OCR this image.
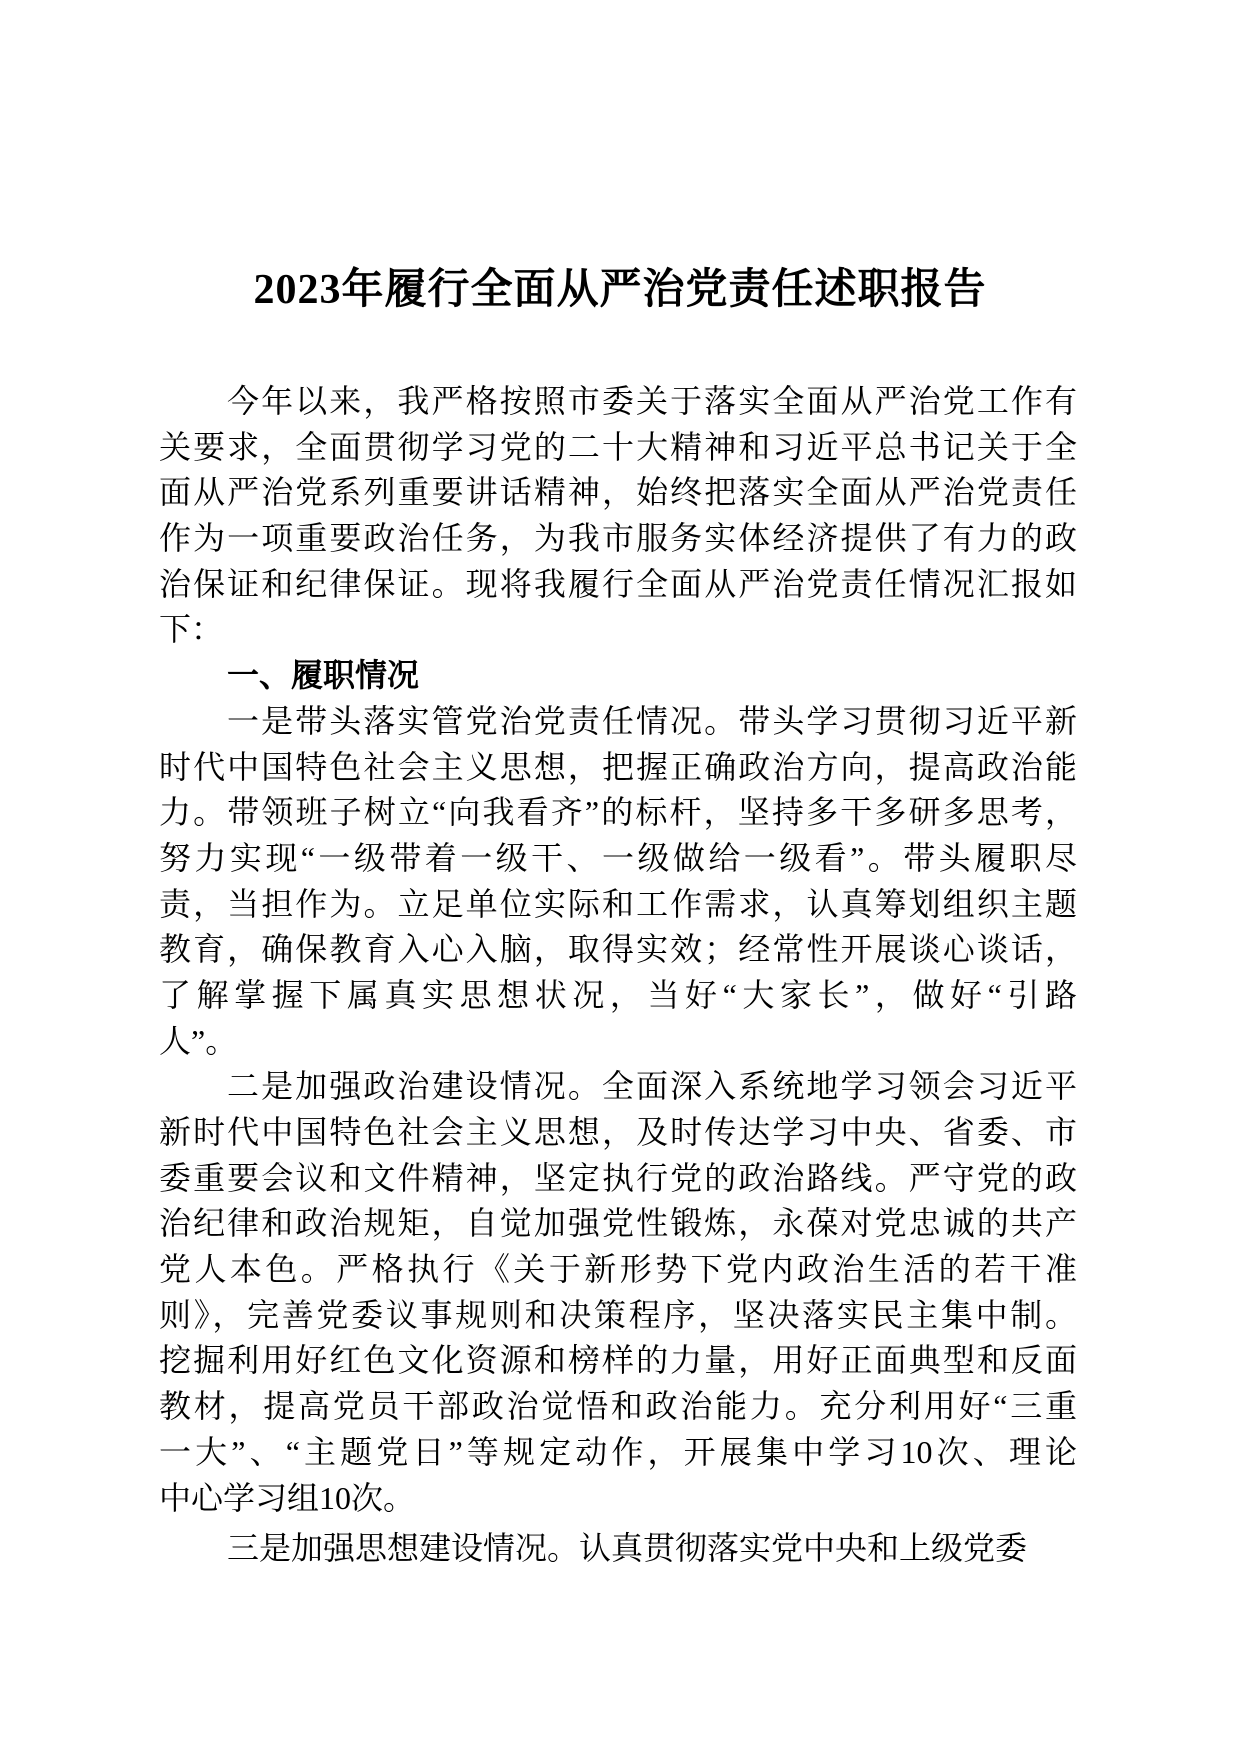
2023年履行全面从严治党责任述职报告
今年以来，我严格按照市委关于落实全面从严治党工作有
关要求，全面贯彻学习党的二十大精神和习近平总书记关于全
面从严治党系列重要讲话精神，始终把落实全面从严治党责任
作为一项重要政治任务，为我市服务实体经济提供了有力的政
治保证和纪律保证。现将我履行全面从严治党责任情况汇报如
下：
一、履职情况
一是带头落实管党治党责任情况。带头学习贯彻习近平新
时代中国特色社会主义思想，把握正确政治方向，提高政治能
力。带领班子树立“向我看齐”的标杆，坚持多干多研多思考，
努力实现“一级带着一级干、一级做给一级看”。带头履职尽
责，当担作为。立足单位实际和工作需求，认真筹划组织主题
教育，确保教育入心入脑，取得实效；经常性开展谈心谈话，
了解掌握下属真实思想状况，当好“大家长”，做好“引路
人”。
二是加强政治建设情况。全面深入系统地学习领会习近平
新时代中国特色社会主义思想，及时传达学习中央、省委、市
委重要会议和文件精神，坚定执行党的政治路线。严守党的政
治纪律和政治规矩，自觉加强党性锻炼，永葆对党忠诚的共产
党人本色。严格执行《关于新形势下党内政治生活的若干准
则》，完善党委议事规则和决策程序，坚决落实民主集中制。
挖掘利用好红色文化资源和榜样的力量，用好正面典型和反面
教材，提高党员干部政治觉悟和政治能力。充分利用好“三重
一大”、“主题党日”等规定动作，开展集中学习10次、理论
中心学习组10次。
三是加强思想建设情况。认真贯彻落实党中央和上级党委
